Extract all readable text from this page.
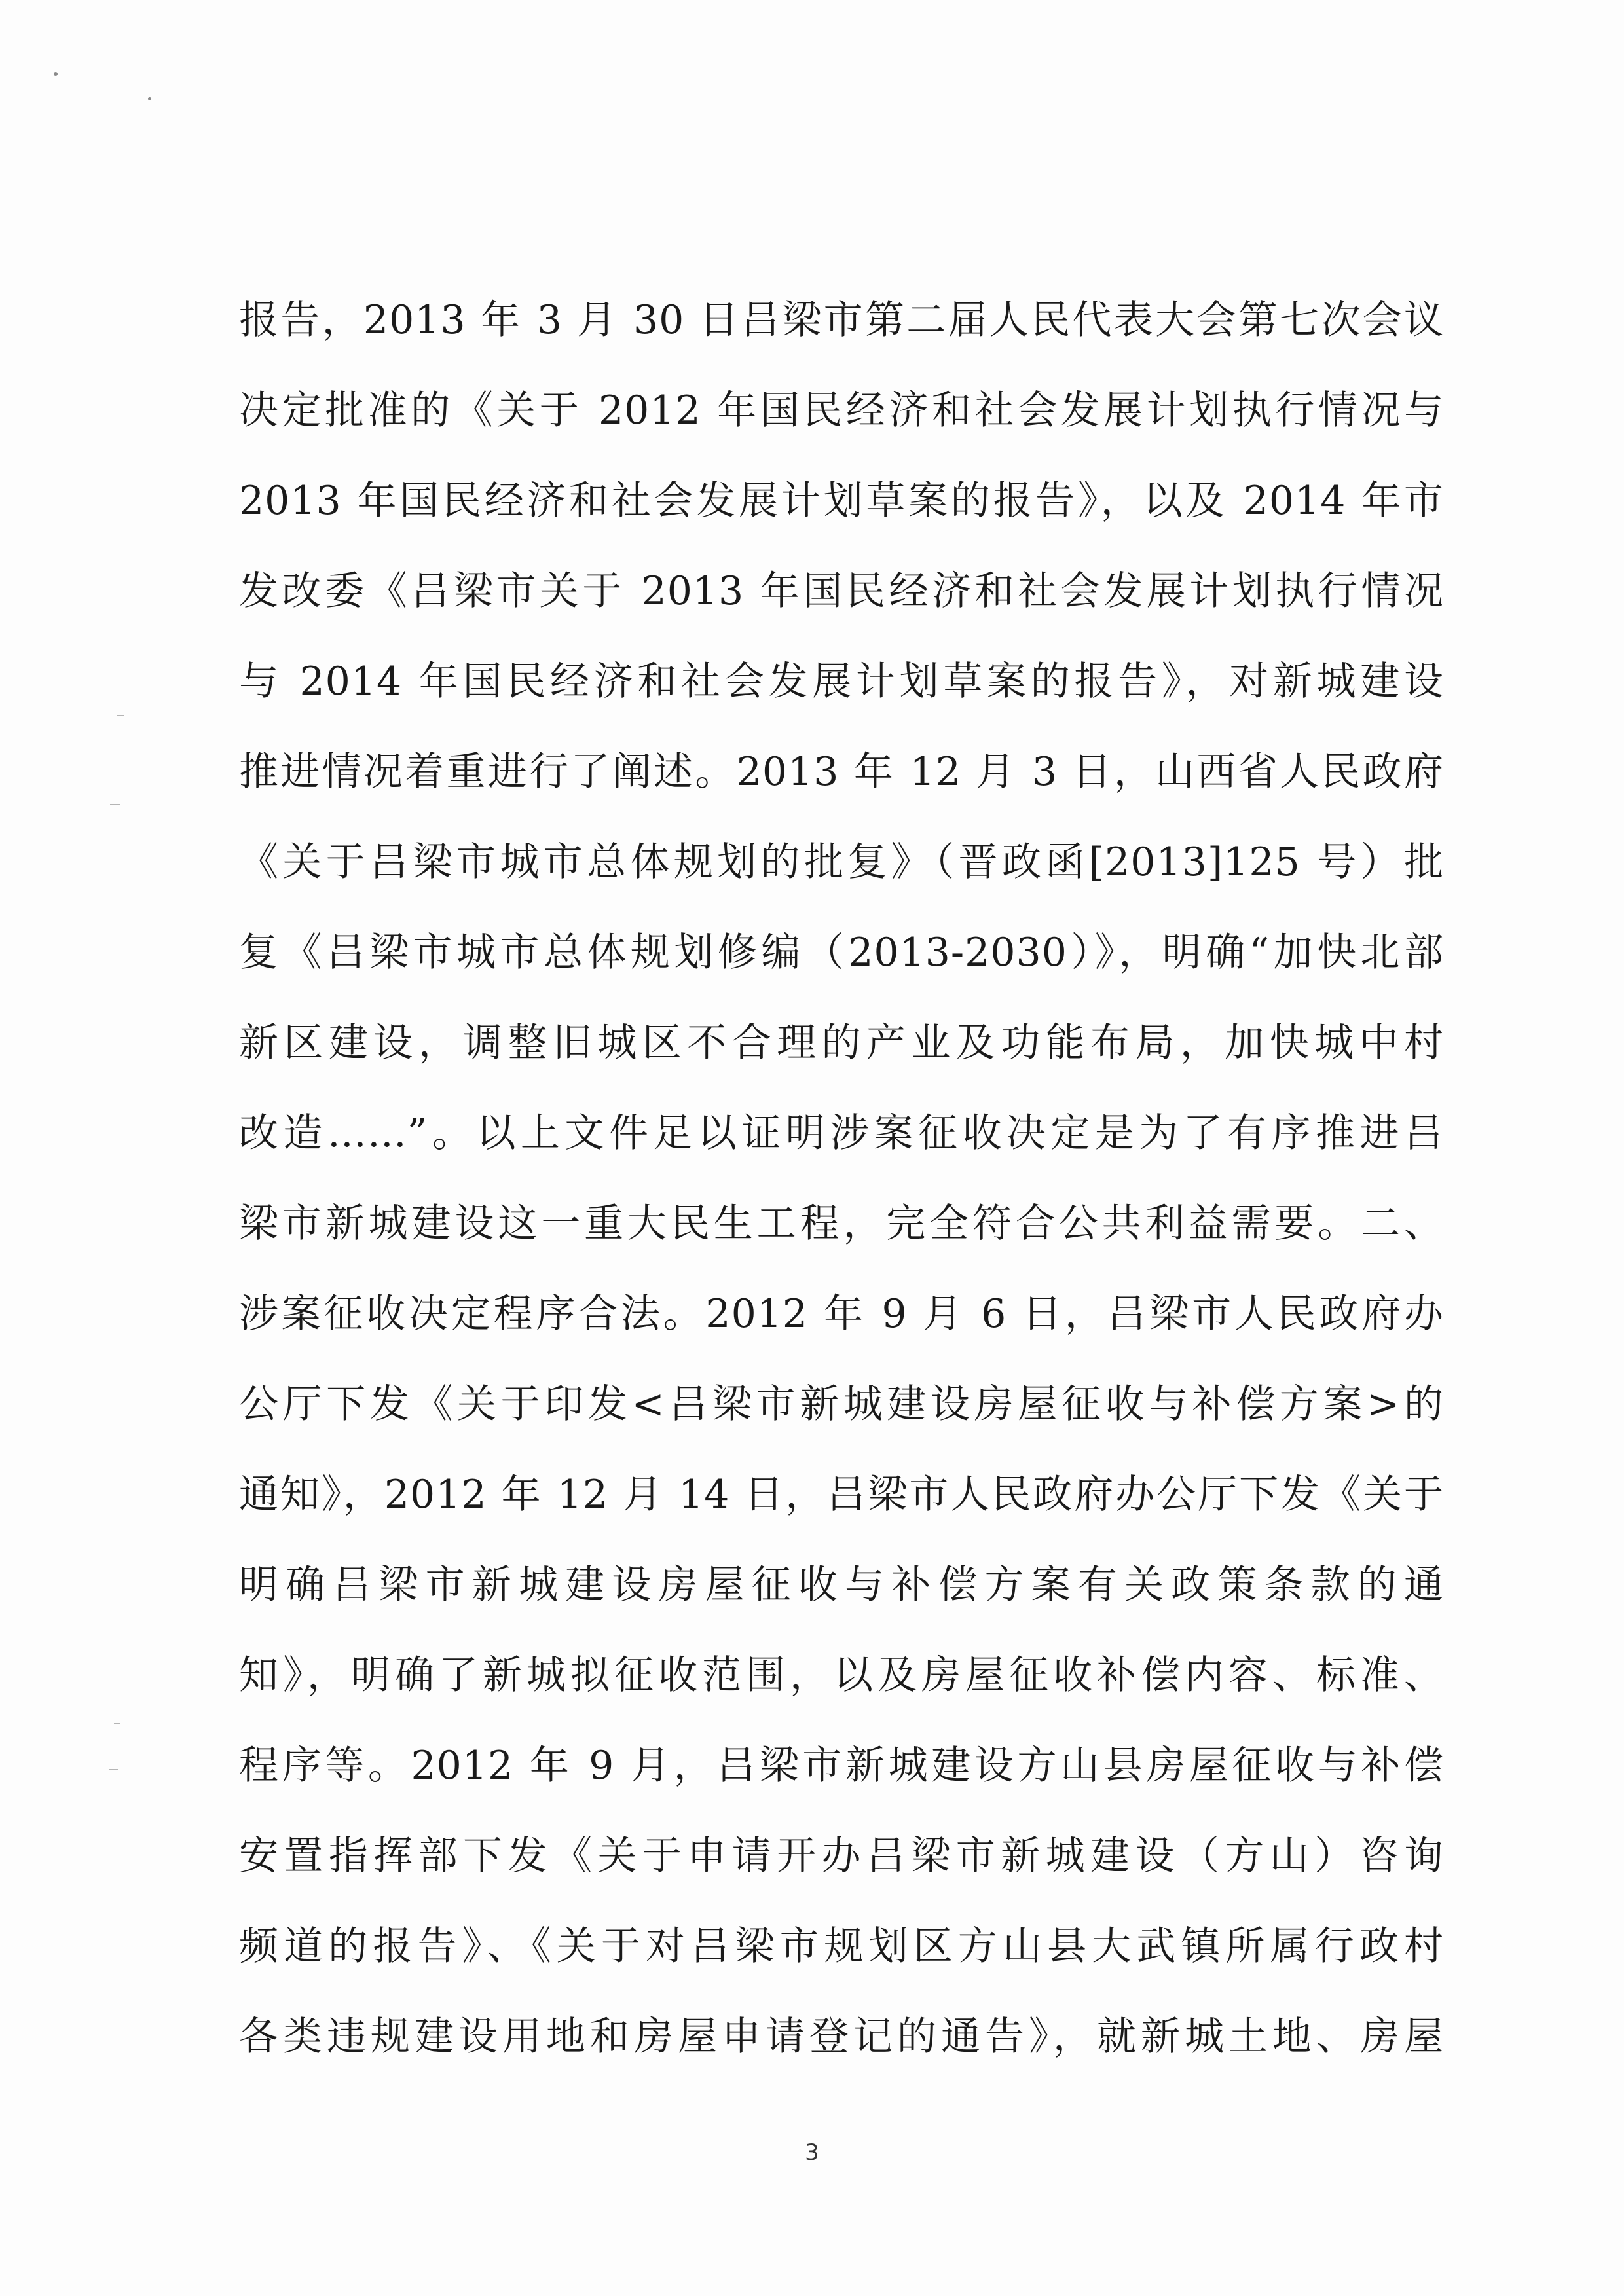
报告，2013 年 3 月 30 日吕梁市第二届人民代表大会第七次会议
决定批准的《关于 2012 年国民经济和社会发展计划执行情况与
2013 年国民经济和社会发展计划草案的报告》，以及 2014 年市
发改委《吕梁市关于 2013 年国民经济和社会发展计划执行情况
与 2014 年国民经济和社会发展计划草案的报告》，对新城建设
推进情况着重进行了阐述。2013 年 12 月 3 日，山西省人民政府
《关于吕梁市城市总体规划的批复》（晋政函[2013]125 号）批
复《吕梁市城市总体规划修编（2013-2030）》，明确“加快北部
新区建设，调整旧城区不合理的产业及功能布局，加快城中村
改造……”。以上文件足以证明涉案征收决定是为了有序推进吕
梁市新城建设这一重大民生工程，完全符合公共利益需要。二、
涉案征收决定程序合法。2012 年 9 月 6 日，吕梁市人民政府办
公厅下发《关于印发<吕梁市新城建设房屋征收与补偿方案>的
通知》，2012 年 12 月 14 日，吕梁市人民政府办公厅下发《关于
明确吕梁市新城建设房屋征收与补偿方案有关政策条款的通
知》，明确了新城拟征收范围，以及房屋征收补偿内容、标准、
程序等。2012 年 9 月，吕梁市新城建设方山县房屋征收与补偿
安置指挥部下发《关于申请开办吕梁市新城建设（方山）咨询
频道的报告》、《关于对吕梁市规划区方山县大武镇所属行政村
各类违规建设用地和房屋申请登记的通告》，就新城土地、房屋
3
